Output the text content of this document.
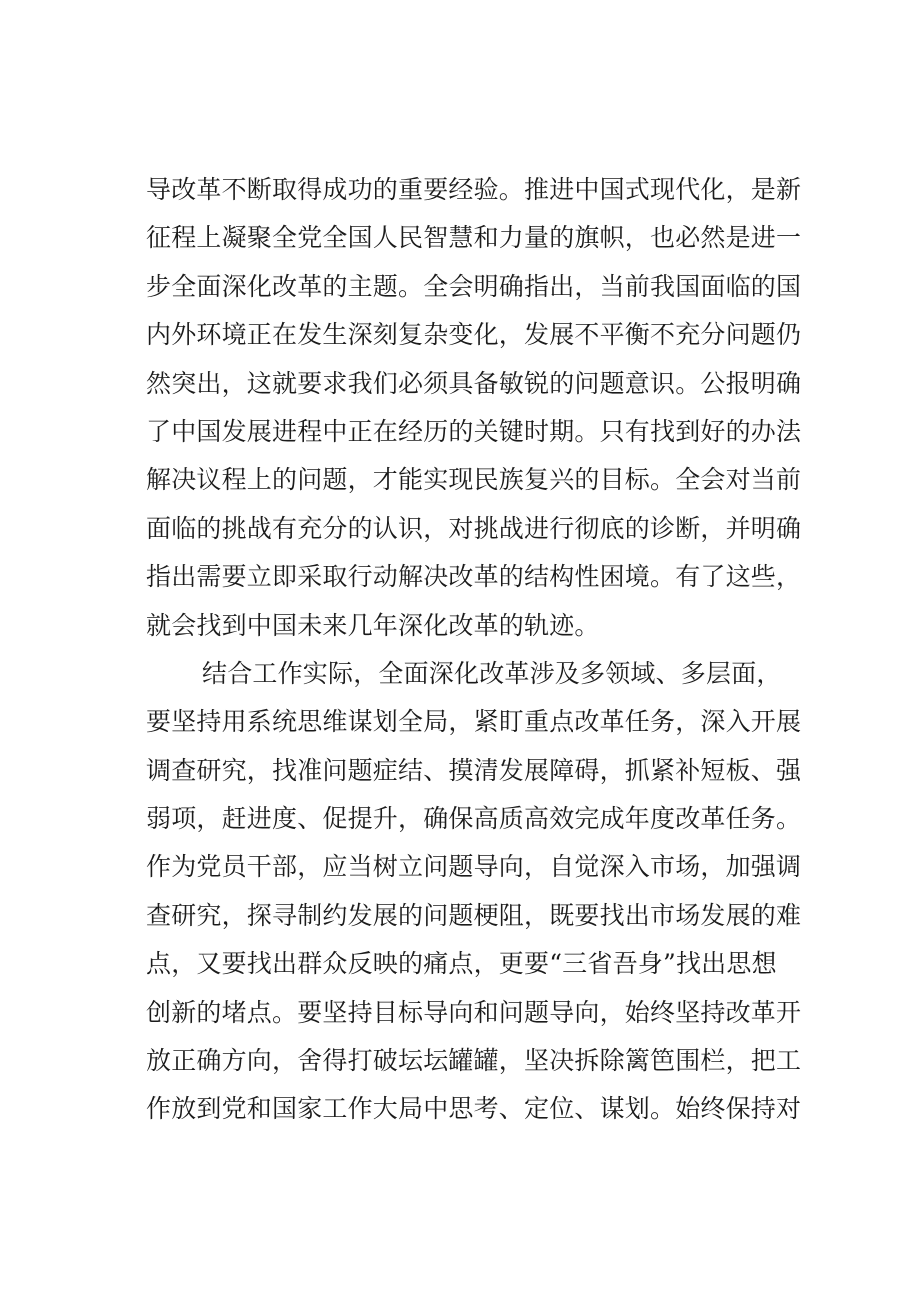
导改革不断取得成功的重要经验。推进中国式现代化，是新
征程上凝聚全党全国人民智慧和力量的旗帜，也必然是进一
步全面深化改革的主题。全会明确指出，当前我国面临的国
内外环境正在发生深刻复杂变化，发展不平衡不充分问题仍
然突出，这就要求我们必须具备敏锐的问题意识。公报明确
了中国发展进程中正在经历的关键时期。只有找到好的办法
解决议程上的问题，才能实现民族复兴的目标。全会对当前
面临的挑战有充分的认识，对挑战进行彻底的诊断，并明确
指出需要立即采取行动解决改革的结构性困境。有了这些，
就会找到中国未来几年深化改革的轨迹。
结合工作实际，全面深化改革涉及多领域、多层面，
要坚持用系统思维谋划全局，紧盯重点改革任务，深入开展
调查研究，找准问题症结、摸清发展障碍，抓紧补短板、强
弱项，赶进度、促提升，确保高质高效完成年度改革任务。
作为党员干部，应当树立问题导向，自觉深入市场，加强调
查研究，探寻制约发展的问题梗阻，既要找出市场发展的难
点，又要找出群众反映的痛点，更要“三省吾身”找出思想
创新的堵点。要坚持目标导向和问题导向，始终坚持改革开
放正确方向，舍得打破坛坛罐罐，坚决拆除篱笆围栏，把工
作放到党和国家工作大局中思考、定位、谋划。始终保持对
